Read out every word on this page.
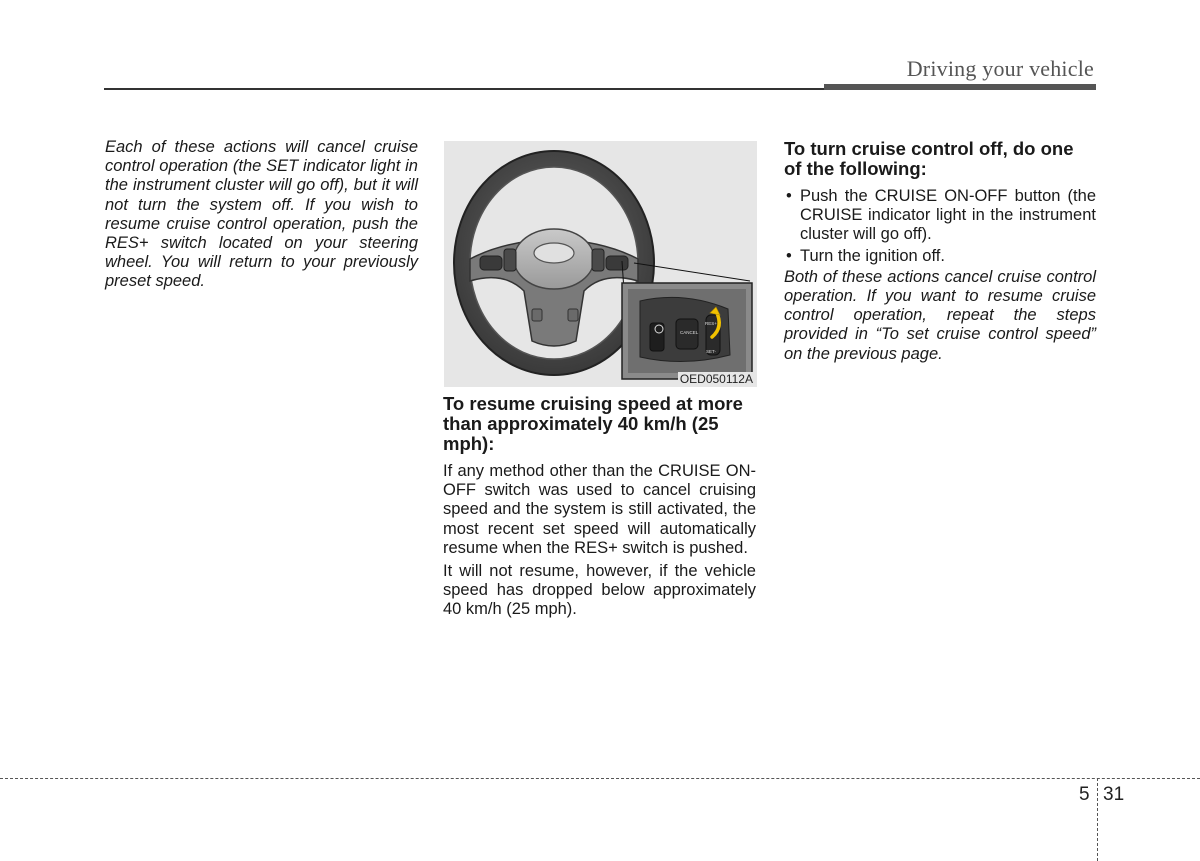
Driving your vehicle

Each of these actions will cancel cruise control operation (the SET indicator light in the instrument cluster will go off), but it will not turn the system off. If you wish to resume cruise control operation, push the RES+ switch located on your steering wheel. You will return to your previously preset speed.

CANCEL
RES+
SET-
OED050112A

To resume cruising speed at more than approximately 40 km/h (25 mph):

If any method other than the CRUISE ON-OFF switch was used to cancel cruising speed and the system is still activated, the most recent set speed will automatically resume when the RES+ switch is pushed.

It will not resume, however, if the vehicle speed has dropped below approximately 40 km/h (25 mph).

To turn cruise control off, do one of the following:

• Push the CRUISE ON-OFF button (the CRUISE indicator light in the instrument cluster will go off).
• Turn the ignition off.

Both of these actions cancel cruise control operation. If you want to resume cruise control operation, repeat the steps provided in “To set cruise control speed” on the previous page.

5 31
